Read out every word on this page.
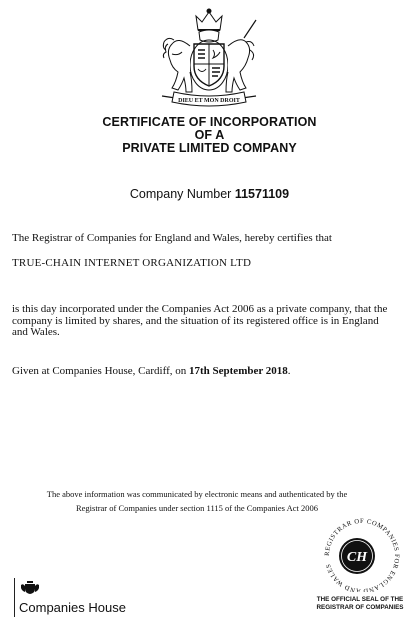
DIEU ET MON DROIT
CERTIFICATE OF INCORPORATION
OF A
PRIVATE LIMITED COMPANY
Company Number 11571109
The Registrar of Companies for England and Wales, hereby certifies that
TRUE-CHAIN INTERNET ORGANIZATION LTD
is this day incorporated under the Companies Act 2006 as a private company, that the
company is limited by shares, and the situation of its registered office is in England
and Wales.
Given at Companies House, Cardiff, on 17th September 2018.
The above information was communicated by electronic means and authenticated by the
Registrar of Companies under section 1115 of the Companies Act 2006
REGISTRAR OF COMPANIES FOR ENGLAND AND WALES
CH
THE OFFICIAL SEAL OF THE
REGISTRAR OF COMPANIES
Companies House
